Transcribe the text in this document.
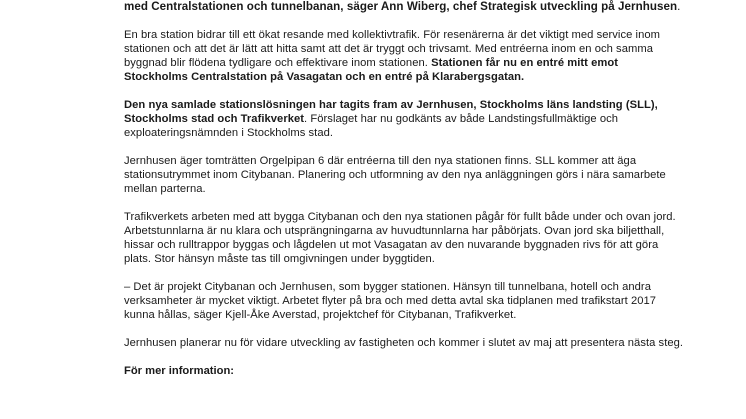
med Centralstationen och tunnelbanan, säger Ann Wiberg, chef Strategisk utveckling på Jernhusen.

En bra station bidrar till ett ökat resande med kollektivtrafik. För resenärerna är det viktigt med service inom stationen och att det är lätt att hitta samt att det är tryggt och trivsamt. Med entréerna inom en och samma byggnad blir flödena tydligare och effektivare inom stationen. Stationen får nu en entré mitt emot Stockholms Centralstation på Vasagatan och en entré på Klarabergsgatan.

Den nya samlade stationslösningen har tagits fram av Jernhusen, Stockholms läns landsting (SLL), Stockholms stad och Trafikverket. Förslaget har nu godkänts av både Landstingsfullmäktige och exploateringsnämnden i Stockholms stad.

Jernhusen äger tomträtten Orgelpipan 6 där entréerna till den nya stationen finns. SLL kommer att äga stationsutrymmet inom Citybanan. Planering och utformning av den nya anläggningen görs i nära samarbete mellan parterna.

Trafikverkets arbeten med att bygga Citybanan och den nya stationen pågår för fullt både under och ovan jord. Arbetstunnlarna är nu klara och utsprängningarna av huvudtunnlarna har påbörjats. Ovan jord ska biljetthall, hissar och rulltrappor byggas och lågdelen ut mot Vasagatan av den nuvarande byggnaden rivs för att göra plats. Stor hänsyn måste tas till omgivningen under byggtiden.

– Det är projekt Citybanan och Jernhusen, som bygger stationen. Hänsyn till tunnelbana, hotell och andra verksamheter är mycket viktigt. Arbetet flyter på bra och med detta avtal ska tidplanen med trafikstart 2017 kunna hållas, säger Kjell-Åke Averstad, projektchef för Citybanan, Trafikverket.

Jernhusen planerar nu för vidare utveckling av fastigheten och kommer i slutet av maj att presentera nästa steg.

För mer information:
